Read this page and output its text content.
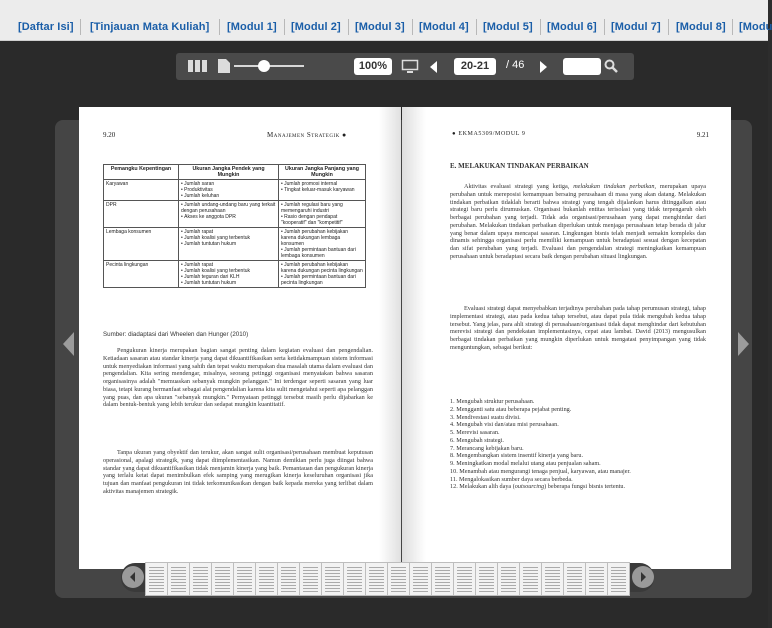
[Daftar Isi] [Tinjauan Mata Kuliah] [Modul 1] [Modul 2] [Modul 3] [Modul 4] [Modul 5] [Modul 6] [Modul 7] [Modul 8] [Modu
100%	20-21	/ 46
9.20	Manajemen Strategik ●
Pemangku Kepentingan	Ukuran Jangka Pendek yang Mungkin	Ukuran Jangka Panjang yang Mungkin
Karyawan	• Jumlah saran
• Produktivitas
• Jumlah keluhan	• Jumlah promosi internal
• Tingkat keluar-masuk karyawan
DPR	• Jumlah undang-undang baru yang terkait dengan perusahaan
• Akses ke anggota DPR	• Jumlah regulasi baru yang memengaruhi industri
• Rasio dengan pendapat "kooperatif" dan "kompetitif"
Lembaga konsumen	• Jumlah rapat
• Jumlah koalisi yang terbentuk
• Jumlah tuntutan hukum	• Jumlah perubahan kebijakan karena dukungan lembaga konsumen
• Jumlah permintaan bantuan dari lembaga konsumen
Pecinta lingkungan	• Jumlah rapat
• Jumlah koalisi yang terbentuk
• Jumlah teguran dari KLH
• Jumlah tuntutan hukum	• Jumlah perubahan kebijakan karena dukungan pecinta lingkungan
• Jumlah permintaan bantuan dari pecinta lingkungan
Sumber: diadaptasi dari Wheelen dan Hunger (2010)
Pengukuran kinerja merupakan bagian sangat penting dalam kegiatan evaluasi dan pengendalian. Ketiadaan sasaran atau standar kinerja yang dapat dikuantifikasikan serta ketidakmampuan sistem informasi untuk menyediakan informasi yang sahih dan tepat waktu merupakan dua masalah utama dalam evaluasi dan pengendalian. Kita sering mendengar, misalnya, seorang petinggi organisasi menyatakan bahwa sasaran organisasinya adalah "memuaskan sebanyak mungkin pelanggan." Ini terdengar seperti sasaran yang luar biasa, tetapi kurang bermanfaat sebagai alat pengendalian karena kita sulit mengetahui seperti apa pelanggan yang puas, dan apa ukuran "sebanyak mungkin." Pernyataan petinggi tersebut masih perlu dijabarkan ke dalam bentuk-bentuk yang lebih terukur dan sedapat mungkin kuantitatif.
Tanpa ukuran yang obyektif dan terukur, akan sangat sulit organisasi/perusahaan membuat keputusan operasional, apalagi strategik, yang dapat diimplementasikan. Namun demikian perlu juga diingat bahwa standar yang dapat dikuantifikasikan tidak menjamin kinerja yang baik. Pemantauan dan pengukuran kinerja yang terlalu ketat dapat menimbulkan efek samping yang merugikan kinerja keseluruhan organisasi jika tujuan dan manfaat pengukuran ini tidak terkomunikasikan dengan baik kepada mereka yang terlibat dalam aktivitas manajemen strategik.
● EKMA5309/MODUL 9	9.21
E. MELAKUKAN TINDAKAN PERBAIKAN
Aktivitas evaluasi strategi yang ketiga, melakukan tindakan perbaikan, merupakan upaya perubahan untuk mereposisi kemampuan bersaing perusahaan di masa yang akan datang. Melakukan tindakan perbaikan tidaklah berarti bahwa strategi yang tengah dijalankan harus ditinggalkan atau strategi baru perlu dirumuskan. Organisasi bukanlah entitas terisolasi yang tidak terpengaruh oleh berbagai perubahan yang terjadi. Tidak ada organisasi/perusahaan yang dapat menghindar dari perubahan. Melakukan tindakan perbaikan diperlukan untuk menjaga perusahaan tetap berada di jalur yang benar dalam upaya mencapai sasaran. Lingkungan bisnis telah menjadi semakin kompleks dan dinamis sehingga organisasi perlu memiliki kemampuan untuk beradaptasi sesuai dengan kecepatan dan sifat perubahan yang terjadi. Evaluasi dan pengendalian strategi meningkatkan kemampuan perusahaan untuk beradaptasi secara baik dengan perubahan situasi lingkungan.
Evaluasi strategi dapat menyebabkan terjadinya perubahan pada tahap perumusan strategi, tahap implementasi strategi, atau pada kedua tahap tersebut, atau dapat pula tidak mengubah kedua tahap tersebut. Yang jelas, para ahli strategi di perusahaan/organisasi tidak dapat menghindar dari kebutuhan merevisi strategi dan pendekatan implementasinya, cepat atau lambat. David (2013) mengusulkan berbagai tindakan perbaikan yang mungkin diperlukan untuk mengatasi penyimpangan yang tidak menguntungkan, sebagai berikut:
1. Mengubah struktur perusahaan.
2. Mengganti satu atau beberapa pejabat penting.
3. Mendivestasi suatu divisi.
4. Mengubah visi dan/atau misi perusahaan.
5. Merevisi sasaran.
6. Mengubah strategi.
7. Merancang kebijakan baru.
8. Mengembangkan sistem insentif kinerja yang baru.
9. Meningkatkan modal melalui utang atau penjualan saham.
10. Menambah atau mengurangi tenaga penjual, karyawan, atau manajer.
11. Mengalokasikan sumber daya secara berbeda.
12. Melakukan alih daya (outsourcing) beberapa fungsi bisnis tertentu.
